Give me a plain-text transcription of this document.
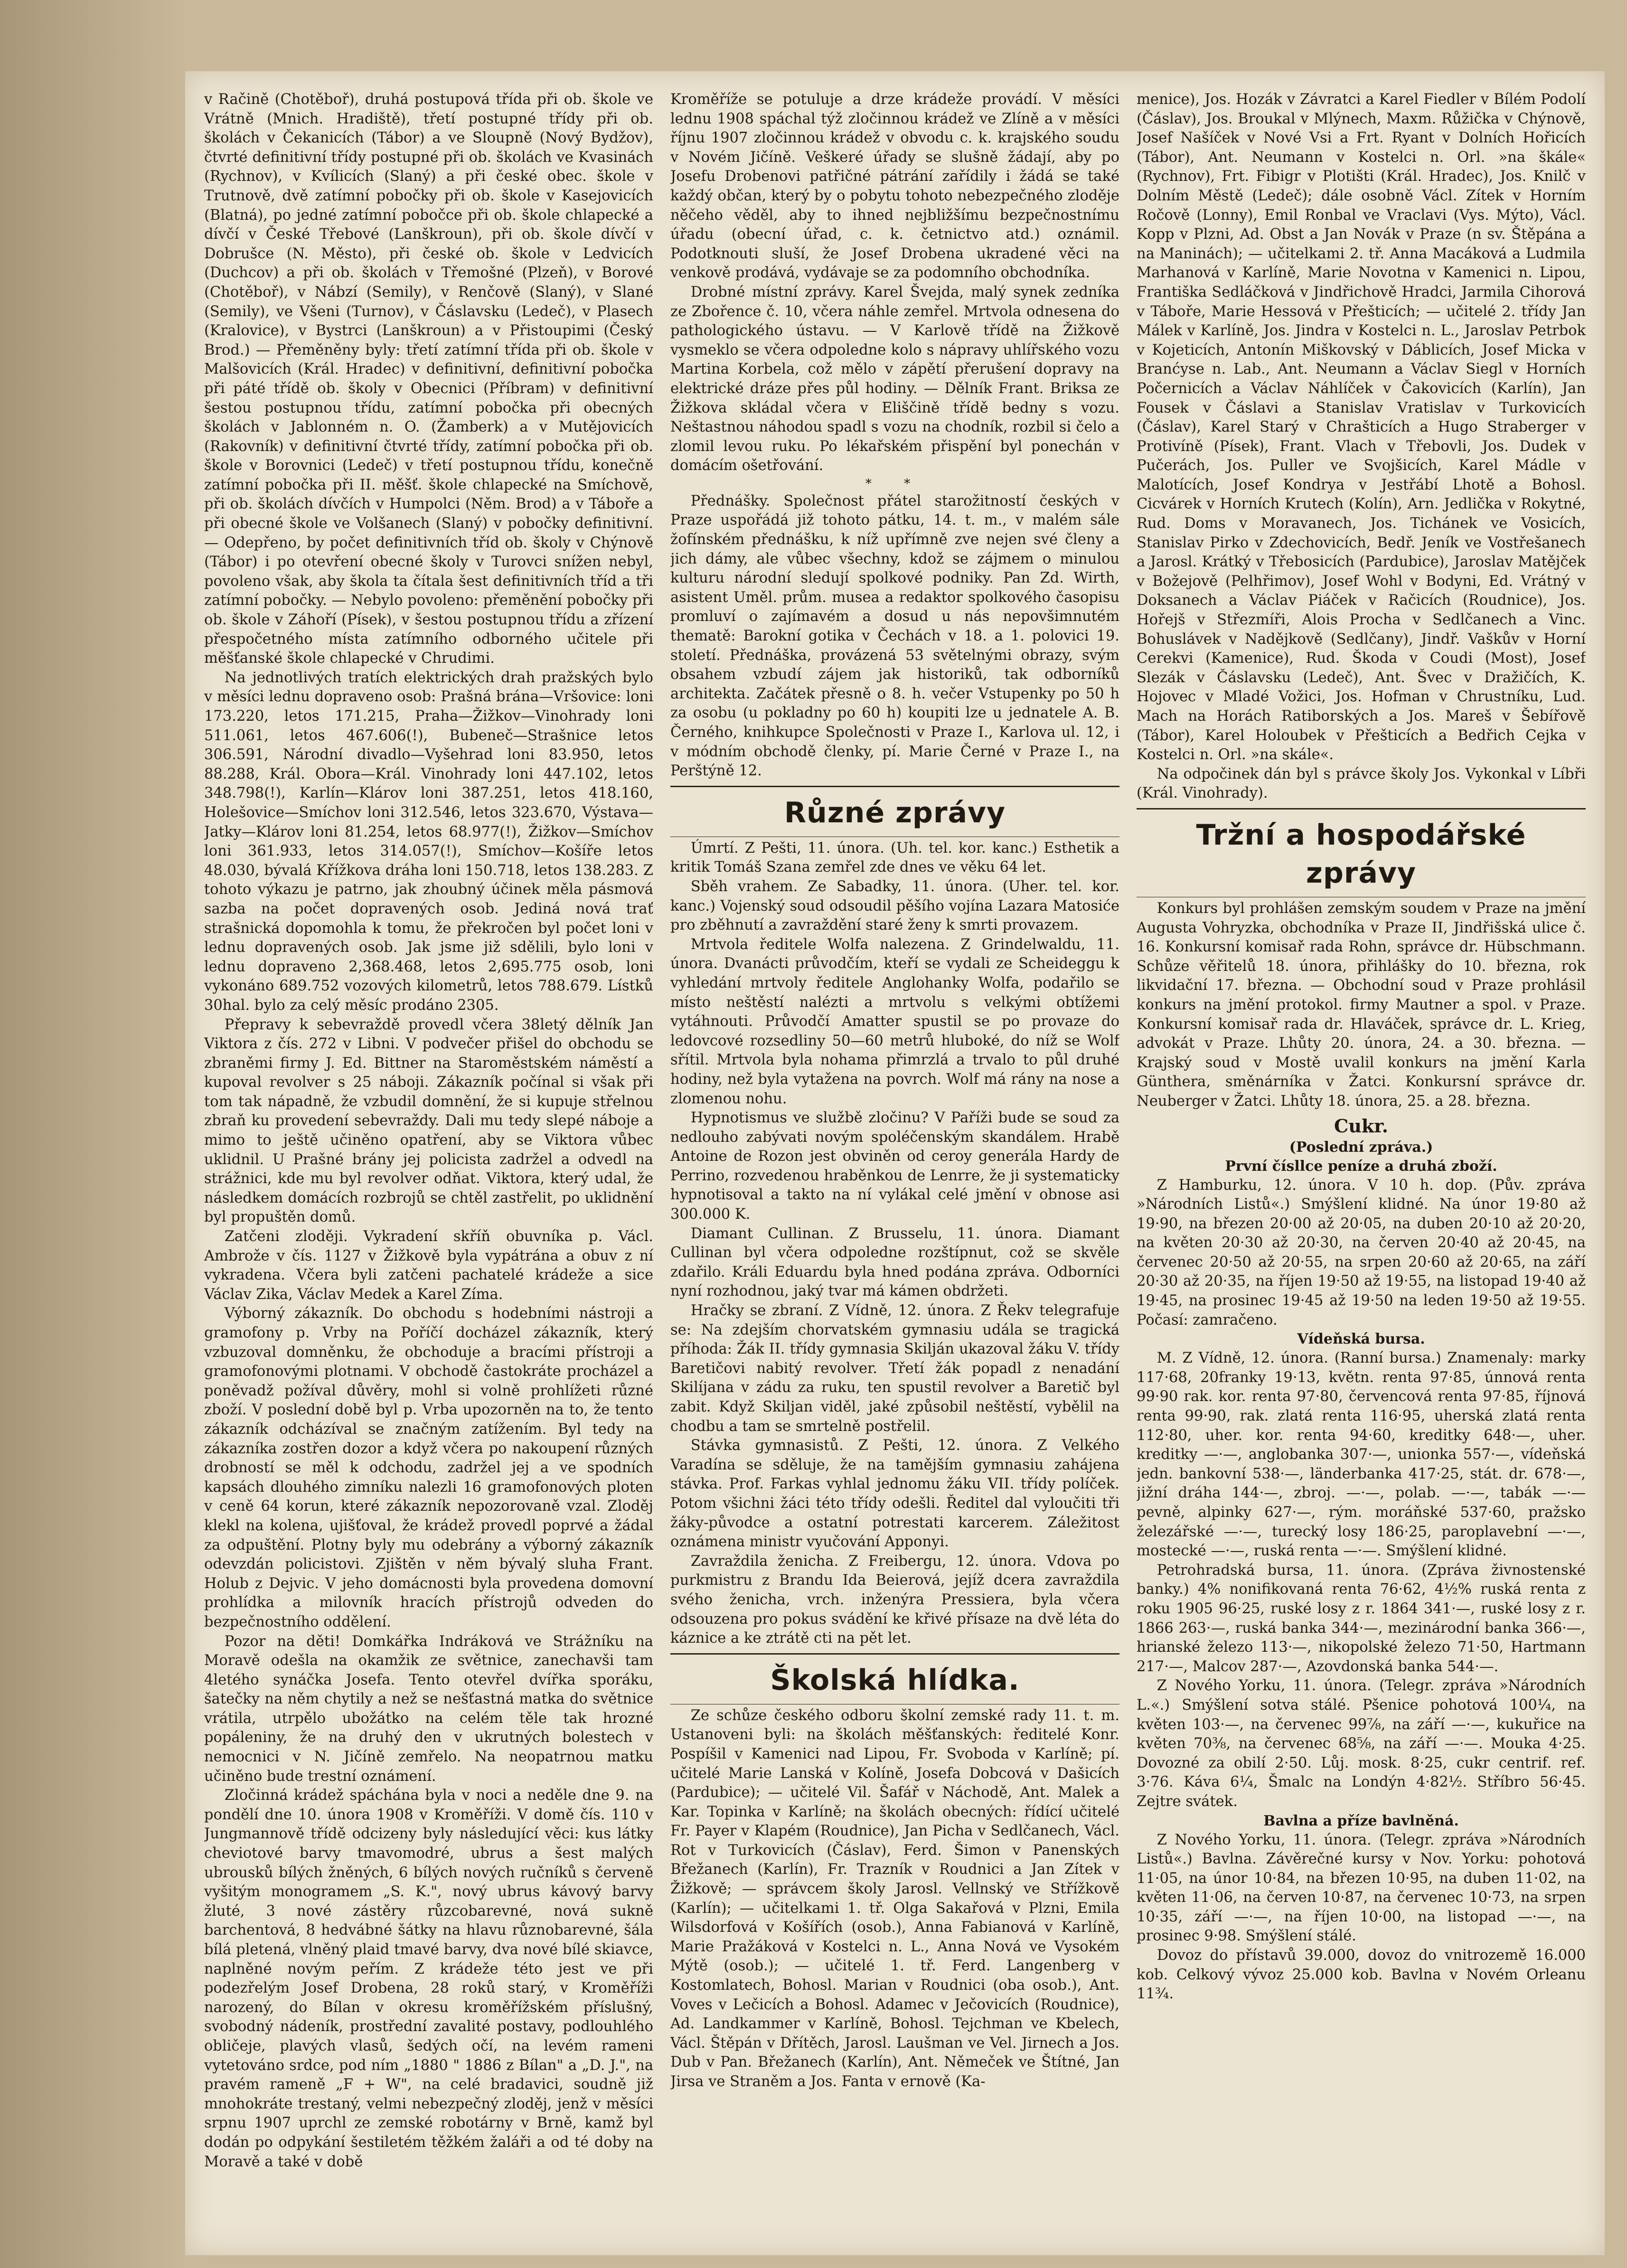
v Račině (Chotěboř), druhá postupová třída při ob. škole ve Vrátně (Mnich. Hradiště), třetí postupné třídy při ob. školách v Čekanicích (Tábor) a ve Sloupně (Nový Bydžov), čtvrté definitivní třídy postupné při ob. školách ve Kvasinách (Rychnov), v Kvílicích (Slaný) a při české obec. škole v Trutnově, dvě zatímní pobočky při ob. škole v Kasejovicích (Blatná), po jedné zatímní pobočce při ob. škole chlapecké a dívčí v České Třebové (Lanškroun), při ob. škole dívčí v Dobrušce (N. Město), při české ob. škole v Ledvicích (Duchcov) a při ob. školách v Třemošné (Plzeň), v Borové (Chotěboř), v Nábzí (Semily), v Renčově (Slaný), v Slané (Semily), ve Všeni (Turnov), v Čáslavsku (Ledeč), v Plasech (Kralovice), v Bystrci (Lanškroun) a v Přistoupimi (Český Brod.) — Přeměněny byly: třetí zatímní třída při ob. škole v Malšovicích (Král. Hradec) v definitivní, definitivní pobočka při páté třídě ob. školy v Obecnici (Příbram) v definitivní šestou postupnou třídu, zatímní pobočka při obecných školách v Jablonném n. O. (Žamberk) a v Mutějovicích (Rakovník) v definitivní čtvrté třídy, zatímní pobočka při ob. škole v Borovnici (Ledeč) v třetí postupnou třídu, konečně zatímní pobočka při II. měšť. škole chlapecké na Smíchově, při ob. školách dívčích v Humpolci (Něm. Brod) a v Táboře a při obecné škole ve Volšanech (Slaný) v pobočky definitivní. — Odepřeno, by počet definitivních tříd ob. školy v Chýnově (Tábor) i po otevření obecné školy v Turovci snížen nebyl, povoleno však, aby škola ta čítala šest definitivních tříd a tři zatímní pobočky. — Nebylo povoleno: přeměnění pobočky při ob. škole v Záhoří (Písek), v šestou postupnou třídu a zřízení přespočetného místa zatímního odborného učitele při měšťanské škole chlapecké v Chrudimi.

Na jednotlivých tratích elektrických drah pražských bylo v měsíci lednu dopraveno osob: Prašná brána—Vršovice: loni 173.220, letos 171.215, Praha—Žižkov—Vinohrady loni 511.061, letos 467.606(!), Bubeneč—Strašnice letos 306.591, Národní divadlo—Vyšehrad loni 83.950, letos 88.288, Král. Obora—Král. Vinohrady loni 447.102, letos 348.798(!), Karlín—Klárov loni 387.251, letos 418.160, Holešovice—Smíchov loni 312.546, letos 323.670, Výstava—Jatky—Klárov loni 81.254, letos 68.977(!), Žižkov—Smíchov loni 361.933, letos 314.057(!), Smíchov—Košíře letos 48.030, bývalá Křížkova dráha loni 150.718, letos 138.283. Z tohoto výkazu je patrno, jak zhoubný účinek měla pásmová sazba na počet dopravených osob. Jediná nová trať strašnická dopomohla k tomu, že překročen byl počet loni v lednu dopravených osob. Jak jsme již sdělili, bylo loni v lednu dopraveno 2,368.468, letos 2,695.775 osob, loni vykonáno 689.752 vozových kilometrů, letos 788.679. Lístků 30hal. bylo za celý měsíc prodáno 2305.

Přepravy k sebevraždě provedl včera 38letý dělník Jan Viktora z čís. 272 v Libni. V podvečer přišel do obchodu se zbraněmi firmy J. Ed. Bittner na Staroměstském náměstí a kupoval revolver s 25 náboji. Zákazník počínal si však při tom tak nápadně, že vzbudil domnění, že si kupuje střelnou zbraň ku provedení sebevraždy. Dali mu tedy slepé náboje a mimo to ještě učiněno opatření, aby se Viktora vůbec uklidnil. U Prašné brány jej policista zadržel a odvedl na strážnici, kde mu byl revolver odňat. Viktora, který udal, že následkem domácích rozbrojů se chtěl zastřelit, po uklidnění byl propuštěn domů.

Zatčeni zloději. Vykradení skříň obuvníka p. Václ. Ambrože v čís. 1127 v Žižkově byla vypátrána a obuv z ní vykradena. Včera byli zatčeni pachatelé krádeže a sice Václav Zika, Václav Medek a Karel Zíma.

Výborný zákazník. Do obchodu s hodebními nástroji a gramofony p. Vrby na Poříčí docházel zákazník, který vzbuzoval domněnku, že obchoduje a bracími přístroji a gramofonovými plotnami. V obchodě častokráte procházel a poněvadž požíval důvěry, mohl si volně prohlížeti různé zboží. V poslední době byl p. Vrba upozorněn na to, že tento zákazník odcházíval se značným zatížením. Byl tedy na zákazníka zostřen dozor a když včera po nakoupení různých drobností se měl k odchodu, zadržel jej a ve spodních kapsách dlouhého zimníku nalezli 16 gramofonových ploten v ceně 64 korun, které zákazník nepozorovaně vzal. Zloděj klekl na kolena, ujišťoval, že krádež provedl poprvé a žádal za odpuštění. Plotny byly mu odebrány a výborný zákazník odevzdán policistovi. Zjištěn v něm bývalý sluha Frant. Holub z Dejvic. V jeho domácnosti byla provedena domovní prohlídka a milovník hracích přístrojů odveden do bezpečnostního oddělení.

Pozor na děti! Domkářka Indráková ve Strážníku na Moravě odešla na okamžik ze světnice, zanechavši tam 4letého synáčka Josefa. Tento otevřel dvířka sporáku, šatečky na něm chytily a než se nešťastná matka do světnice vrátila, utrpělo ubožátko na celém těle tak hrozné popáleniny, že na druhý den v ukrutných bolestech v nemocnici v N. Jičíně zemřelo. Na neopatrnou matku učiněno bude trestní oznámení.

Zločinná krádež spáchána byla v noci a neděle dne 9. na pondělí dne 10. února 1908 v Kroměříži. V domě čís. 110 v Jungmannově třídě odcizeny byly následující věci: kus látky cheviotové barvy tmavomodré, ubrus a šest malých ubrousků bílých žněných, 6 bílých nových ručníků s červeně vyšitým monogramem „S. K.", nový ubrus kávový barvy žluté, 3 nové zástěry růzcobarevné, nová sukně barchentová, 8 hedvábné šátky na hlavu různobarevné, šála bílá pletená, vlněný plaid tmavé barvy, dva nové bílé skiavce, naplněné novým peřím. Z krádeže této jest ve při podezřelým Josef Drobena, 28 roků starý, v Kroměříži narozený, do Bílan v okresu kroměřížském příslušný, svobodný nádeník, prostřední zavalité postavy, podlouhlého obličeje, plavých vlasů, šedých očí, na levém rameni vytetováno srdce, pod ním „1880 " 1886 z Bílan" a „D. J.", na pravém rameně „F + W", na celé bradavici, soudně již mnohokráte trestaný, velmi nebezpečný zloděj, jenž v měsíci srpnu 1907 uprchl ze zemské robotárny v Brně, kamž byl dodán po odpykání šestiletém těžkém žaláři a od té doby na Moravě a také v době

Kroměříže se potuluje a drze krádeže provádí. V měsíci lednu 1908 spáchal týž zločinnou krádež ve Zlíně a v měsíci říjnu 1907 zločinnou krádež v obvodu c. k. krajského soudu v Novém Jičíně. Veškeré úřady se slušně žádají, aby po Josefu Drobenovi patřičné pátrání zařídily i žádá se také každý občan, který by o pobytu tohoto nebezpečného zloděje něčeho věděl, aby to ihned nejbližšímu bezpečnostnímu úřadu (obecní úřad, c. k. četnictvo atd.) oznámil. Podotknouti sluší, že Josef Drobena ukradené věci na venkově prodává, vydávaje se za podomního obchodníka.

Drobné místní zprávy. Karel Švejda, malý synek zedníka ze Zbořence č. 10, včera náhle zemřel. Mrtvola odnesena do pathologického ústavu. — V Karlově třídě na Žižkově vysmeklo se včera odpoledne kolo s nápravy uhlířského vozu Martina Korbela, což mělo v zápětí přerušení dopravy na elektrické dráze přes půl hodiny. — Dělník Frant. Briksa ze Žižkova skládal včera v Eliščině třídě bedny s vozu. Neštastnou náhodou spadl s vozu na chodník, rozbil si čelo a zlomil levou ruku. Po lékařském přispění byl ponechán v domácím ošetřování.

* *

Přednášky. Společnost přátel starožitností českých v Praze uspořádá již tohoto pátku, 14. t. m., v malém sále žofínském přednášku, k níž upřímně zve nejen své členy a jich dámy, ale vůbec všechny, kdož se zájmem o minulou kulturu národní sledují spolkové podniky. Pan Zd. Wirth, asistent Uměl. prům. musea a redaktor spolkového časopisu promluví o zajímavém a dosud u nás nepovšimnutém thematě: Barokní gotika v Čechách v 18. a 1. polovici 19. století. Přednáška, provázená 53 světelnými obrazy, svým obsahem vzbudí zájem jak historiků, tak odborníků architekta. Začátek přesně o 8. h. večer Vstupenky po 50 h za osobu (u pokladny po 60 h) koupiti lze u jednatele A. B. Černého, knihkupce Společnosti v Praze I., Karlova ul. 12, i v módním obchodě členky, pí. Marie Černé v Praze I., na Perštýně 12.

Různé zprávy

Úmrtí. Z Pešti, 11. února. (Uh. tel. kor. kanc.) Esthetik a kritik Tomáš Szana zemřel zde dnes ve věku 64 let.

Sběh vrahem. Ze Sabadky, 11. února. (Uher. tel. kor. kanc.) Vojenský soud odsoudil pěšího vojína Lazara Matosiće pro zběhnutí a zavraždění staré ženy k smrti provazem.

Mrtvola ředitele Wolfa nalezena. Z Grindelwaldu, 11. února. Dvanácti průvodčím, kteří se vydali ze Scheideggu k vyhledání mrtvoly ředitele Anglohanky Wolfa, podařilo se místo neštěstí nalézti a mrtvolu s velkými obtížemi vytáhnouti. Průvodčí Amatter spustil se po provaze do ledovcové rozsedliny 50—60 metrů hluboké, do níž se Wolf sřítil. Mrtvola byla nohama přimrzlá a trvalo to půl druhé hodiny, než byla vytažena na povrch. Wolf má rány na nose a zlomenou nohu.

Hypnotismus ve službě zločinu? V Paříži bude se soud za nedlouho zabývati novým spoléčenským skandálem. Hrabě Antoine de Rozon jest obviněn od ceroy generála Hardy de Perrino, rozvedenou hraběnkou de Lenrre, že ji systematicky hypnotisoval a takto na ní vylákal celé jmění v obnose asi 300.000 K.

Diamant Cullinan. Z Brusselu, 11. února. Diamant Cullinan byl včera odpoledne rozštípnut, což se skvěle zdařilo. Králi Eduardu byla hned podána zpráva. Odborníci nyní rozhodnou, jaký tvar má kámen obdržeti.

Hračky se zbraní. Z Vídně, 12. února. Z Řekv telegrafuje se: Na zdejším chorvatském gymnasiu udála se tragická příhoda: Žák II. třídy gymnasia Skilján ukazoval žáku V. třídy Baretičovi nabitý revolver. Třetí žák popadl z nenadání Skilíjana v zádu za ruku, ten spustil revolver a Baretič byl zabit. Když Skiljan viděl, jaké způsobil neštěstí, vybělil na chodbu a tam se smrtelně postřelil.

Stávka gymnasistů. Z Pešti, 12. února. Z Velkého Varadína se sděluje, že na tamějším gymnasiu zahájena stávka. Prof. Farkas vyhlal jednomu žáku VII. třídy políček. Potom všichni žáci této třídy odešli. Ředitel dal vyloučiti tři žáky-původce a ostatní potrestati karcerem. Záležitost oznámena ministr vyučování Apponyi.

Zavraždila ženicha. Z Freibergu, 12. února. Vdova po purkmistru z Brandu Ida Beierová, jejíž dcera zavraždila svého ženicha, vrch. inženýra Pressiera, byla včera odsouzena pro pokus svádění ke křivé přísaze na dvě léta do káznice a ke ztrátě cti na pět let.

Školská hlídka.

Ze schůze českého odboru školní zemské rady 11. t. m. Ustanoveni byli: na školách měšťanských: ředitelé Konr. Pospíšil v Kamenici nad Lipou, Fr. Svoboda v Karlíně; pí. učitelé Marie Lanská v Kolíně, Josefa Dobcová v Dašicích (Pardubice); — učitelé Vil. Šafář v Náchodě, Ant. Malek a Kar. Topinka v Karlíně; na školách obecných: řídící učitelé Fr. Payer v Klapém (Roudnice), Jan Picha v Sedlčanech, Václ. Rot v Turkovicích (Čáslav), Ferd. Šimon v Panenských Břežanech (Karlín), Fr. Trazník v Roudnici a Jan Zítek v Žižkově; — správcem školy Jarosl. Vellnský ve Střížkově (Karlín); — učitelkami 1. tř. Olga Sakařová v Plzni, Emila Wilsdorfová v Košířích (osob.), Anna Fabianová v Karlíně, Marie Pražáková v Kostelci n. L., Anna Nová ve Vysokém Mýtě (osob.); — učitelé 1. tř. Ferd. Langenberg v Kostomlatech, Bohosl. Marian v Roudnici (oba osob.), Ant. Voves v Lečicích a Bohosl. Adamec v Ječovicích (Roudnice), Ad. Landkammer v Karlíně, Bohosl. Tejchman ve Kbelech, Václ. Štěpán v Dřítěch, Jarosl. Laušman ve Vel. Jirnech a Jos. Dub v Pan. Břežanech (Karlín), Ant. Němeček ve Štítné, Jan Jirsa ve Straněm a Jos. Fanta v ernově (Ka-

menice), Jos. Hozák v Závratci a Karel Fiedler v Bílém Podolí (Čáslav), Jos. Broukal v Mlýnech, Maxm. Růžička v Chýnově, Josef Našíček v Nové Vsi a Frt. Ryant v Dolních Hořicích (Tábor), Ant. Neumann v Kostelci n. Orl. »na škále« (Rychnov), Frt. Fibigr v Plotišti (Král. Hradec), Jos. Knilč v Dolním Městě (Ledeč); dále osobně Václ. Zítek v Horním Ročově (Lonny), Emil Ronbal ve Vraclavi (Vys. Mýto), Václ. Kopp v Plzni, Ad. Obst a Jan Novák v Praze (n sv. Štěpána a na Maninách); — učitelkami 2. tř. Anna Macáková a Ludmila Marhanová v Karlíně, Marie Novotna v Kamenici n. Lipou, Františka Sedláčková v Jindřichově Hradci, Jarmila Cihorová v Táboře, Marie Hessová v Přešticích; — učitelé 2. třídy Jan Málek v Karlíně, Jos. Jindra v Kostelci n. L., Jaroslav Petrbok v Kojeticích, Antonín Miškovský v Dáblicích, Josef Micka v Branćyse n. Lab., Ant. Neumann a Václav Siegl v Horních Počernicích a Václav Náhlíček v Čakovicích (Karlín), Jan Fousek v Čáslavi a Stanislav Vratislav v Turkovicích (Čáslav), Karel Starý v Chrašticích a Hugo Straberger v Protivíně (Písek), Frant. Vlach v Třebovli, Jos. Dudek v Pučerách, Jos. Puller ve Svojšicích, Karel Mádle v Malotících, Josef Kondrya v Jestřábí Lhotě a Bohosl. Cicvárek v Horních Krutech (Kolín), Arn. Jedlička v Rokytné, Rud. Doms v Moravanech, Jos. Tichánek ve Vosicích, Stanislav Pirko v Zdechovicích, Bedř. Jeník ve Vostřešanech a Jarosl. Krátký v Třebosicích (Pardubice), Jaroslav Matějček v Božejově (Pelhřimov), Josef Wohl v Bodyni, Ed. Vrátný v Doksanech a Václav Piáček v Račicích (Roudnice), Jos. Hořejš v Střezmíři, Alois Procha v Sedlčanech a Vinc. Bohuslávek v Nadějkově (Sedlčany), Jindř. Vaškův v Horní Cerekvi (Kamenice), Rud. Škoda v Coudi (Most), Josef Slezák v Čáslavsku (Ledeč), Ant. Švec v Dražičích, K. Hojovec v Mladé Vožici, Jos. Hofman v Chrustníku, Lud. Mach na Horách Ratiborských a Jos. Mareš v Šebířově (Tábor), Karel Holoubek v Přešticích a Bedřich Cejka v Kostelci n. Orl. »na skále«.

Na odpočinek dán byl s právce školy Jos. Vykonkal v Líbři (Král. Vinohrady).

Tržní a hospodářské zprávy

Konkurs byl prohlášen zemským soudem v Praze na jmění Augusta Vohryzka, obchodníka v Praze II, Jindřišská ulice č. 16. Konkursní komisař rada Rohn, správce dr. Hübschmann. Schůze věřitelů 18. února, přihlášky do 10. března, rok likvidační 17. března. — Obchodní soud v Praze prohlásil konkurs na jmění protokol. firmy Mautner a spol. v Praze. Konkursní komisař rada dr. Hlaváček, správce dr. L. Krieg, advokát v Praze. Lhůty 20. února, 24. a 30. března. — Krajský soud v Mostě uvalil konkurs na jmění Karla Günthera, směnárníka v Žatci. Konkursní správce dr. Neuberger v Žatci. Lhůty 18. února, 25. a 28. března.

Cukr.
(Poslední zpráva.)
První čísllce peníze a druhá zboží.

Z Hamburku, 12. února. V 10 h. dop. (Pův. zpráva »Národních Listů«.) Smýšlení klidné. Na únor 19·80 až 19·90, na březen 20·00 až 20·05, na duben 20·10 až 20·20, na květen 20·30 až 20·30, na červen 20·40 až 20·45, na červenec 20·50 až 20·55, na srpen 20·60 až 20·65, na září 20·30 až 20·35, na říjen 19·50 až 19·55, na listopad 19·40 až 19·45, na prosinec 19·45 až 19·50 na leden 19·50 až 19·55. Počasí: zamračeno.

Vídeňská bursa.

M. Z Vídně, 12. února. (Ranní bursa.) Znamenaly: marky 117·68, 20franky 19·13, květn. renta 97·85, únnová renta 99·90 rak. kor. renta 97·80, červencová renta 97·85, říjnová renta 99·90, rak. zlatá renta 116·95, uherská zlatá renta 112·80, uher. kor. renta 94·60, kreditky 648·—, uher. kreditky —·—, anglobanka 307·—, unionka 557·—, vídeňská jedn. bankovní 538·—, länderbanka 417·25, stát. dr. 678·—, jižní dráha 144·—, zbroj. —·—, polab. —·—, tabák —·— pevně, alpinky 627·—, rým. moráňské 537·60, pražsko železářské —·—, turecký losy 186·25, paroplavební —·—, mostecké —·—, ruská renta —·—. Smýšlení klidné.

Petrohradská bursa, 11. února. (Zpráva živnostenské banky.) 4% nonifikovaná renta 76·62, 4½% ruská renta z roku 1905 96·25, ruské losy z r. 1864 341·—, ruské losy z r. 1866 263·—, ruská banka 344·—, mezinárodní banka 366·—, hrianské železo 113·—, nikopolské železo 71·50, Hartmann 217·—, Malcov 287·—, Azovdonská banka 544·—.

Z Nového Yorku, 11. února. (Telegr. zpráva »Národních L.«.) Smýšlení sotva stálé. Pšenice pohotová 100¼, na květen 103·—, na červenec 99⅞, na září —·—, kukuřice na květen 70⅜, na červenec 68⅝, na září —·—. Mouka 4·25. Dovozné za obilí 2·50. Lůj. mosk. 8·25, cukr centrif. ref. 3·76. Káva 6¼, Šmalc na Londýn 4·82½. Stříbro 56·45. Zejtre svátek.

Bavlna a příze bavlněná.

Z Nového Yorku, 11. února. (Telegr. zpráva »Národních Listů«.) Bavlna. Závěrečné kursy v Nov. Yorku: pohotová 11·05, na únor 10·84, na březen 10·95, na duben 11·02, na květen 11·06, na červen 10·87, na červenec 10·73, na srpen 10·35, září —·—, na říjen 10·00, na listopad —·—, na prosinec 9·98. Smýšlení stálé.

Dovoz do přístavů 39.000, dovoz do vnitrozemě 16.000 kob. Celkový vývoz 25.000 kob. Bavlna v Novém Orleanu 11¾.
